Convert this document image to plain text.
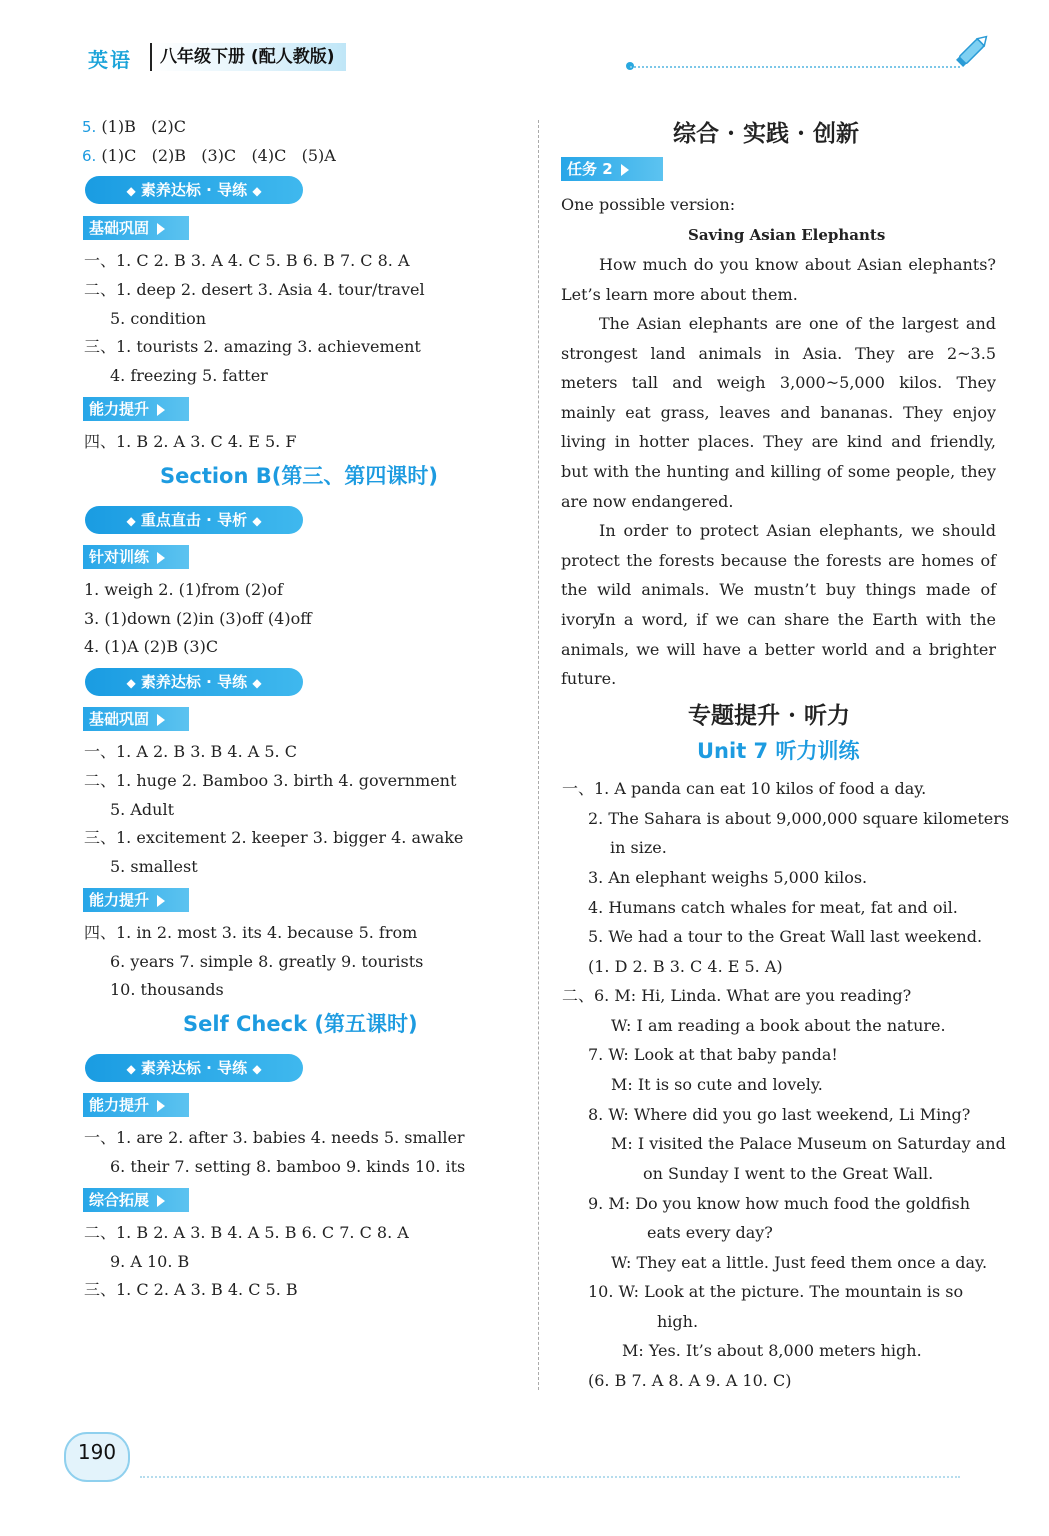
英语	八年级下册 (配人教版)
5. (1)B (2)C
6. (1)C (2)B (3)C (4)C (5)A
◆ 素养达标 · 导练 ◆
基础巩固
一、1. C 2. B 3. A 4. C 5. B 6. B 7. C 8. A
二、1. deep 2. desert 3. Asia 4. tour/travel
5. condition
三、1. tourists 2. amazing 3. achievement
4. freezing 5. fatter
能力提升
四、1. B 2. A 3. C 4. E 5. F
Section B(第三、第四课时)
◆ 重点直击 · 导析 ◆
针对训练
1. weigh 2. (1)from (2)of
3. (1)down (2)in (3)off (4)off
4. (1)A (2)B (3)C
◆ 素养达标 · 导练 ◆
基础巩固
一、1. A 2. B 3. B 4. A 5. C
二、1. huge 2. Bamboo 3. birth 4. government
5. Adult
三、1. excitement 2. keeper 3. bigger 4. awake
5. smallest
能力提升
四、1. in 2. most 3. its 4. because 5. from
6. years 7. simple 8. greatly 9. tourists
10. thousands
Self Check (第五课时)
◆ 素养达标 · 导练 ◆
能力提升
一、1. are 2. after 3. babies 4. needs 5. smaller
6. their 7. setting 8. bamboo 9. kinds 10. its
综合拓展
二、1. B 2. A 3. B 4. A 5. B 6. C 7. C 8. A
9. A 10. B
三、1. C 2. A 3. B 4. C 5. B
综合 · 实践 · 创新
任务 2
One possible version:
Saving Asian Elephants
How much do you know about Asian elephants? Let’s learn more about them.
The Asian elephants are one of the largest and strongest land animals in Asia. They are 2~3.5 meters tall and weigh 3,000~5,000 kilos. They mainly eat grass, leaves and bananas. They enjoy living in hotter places. They are kind and friendly, but with the hunting and killing of some people, they are now endangered.
In order to protect Asian elephants, we should protect the forests because the forests are homes of the wild animals. We mustn’t buy things made of ivory.
In a word, if we can share the Earth with the animals, we will have a better world and a brighter future.
专题提升 · 听力
Unit 7 听力训练
一、1. A panda can eat 10 kilos of food a day.
2. The Sahara is about 9,000,000 square kilometers
in size.
3. An elephant weighs 5,000 kilos.
4. Humans catch whales for meat, fat and oil.
5. We had a tour to the Great Wall last weekend.
(1. D 2. B 3. C 4. E 5. A)
二、6. M: Hi, Linda. What are you reading?
W: I am reading a book about the nature.
7. W: Look at that baby panda!
M: It is so cute and lovely.
8. W: Where did you go last weekend, Li Ming?
M: I visited the Palace Museum on Saturday and
on Sunday I went to the Great Wall.
9. M: Do you know how much food the goldfish
eats every day?
W: They eat a little. Just feed them once a day.
10. W: Look at the picture. The mountain is so
high.
M: Yes. It’s about 8,000 meters high.
(6. B 7. A 8. A 9. A 10. C)
190
